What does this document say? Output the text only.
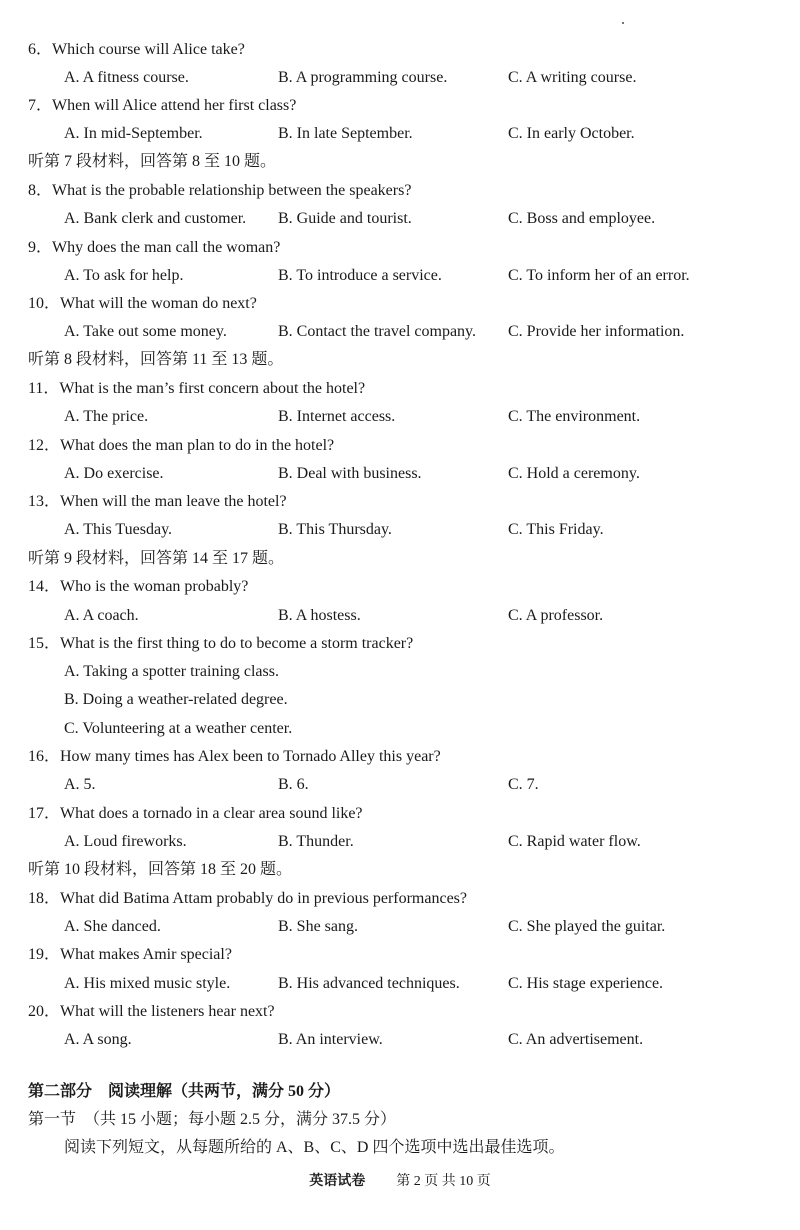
6．Which course will Alice take?
A. A fitness course.	B. A programming course.	C. A writing course.
7．When will Alice attend her first class?
A. In mid-September.	B. In late September.	C. In early October.
听第 7 段材料，回答第 8 至 10 题。
8．What is the probable relationship between the speakers?
A. Bank clerk and customer. B. Guide and tourist.	C. Boss and employee.
9．Why does the man call the woman?
A. To ask for help.	B. To introduce a service.	C. To inform her of an error.
10．What will the woman do next?
A. Take out some money.	B. Contact the travel company. C. Provide her information.
听第 8 段材料，回答第 11 至 13 题。
11．What is the man’s first concern about the hotel?
A. The price.	B. Internet access.	C. The environment.
12．What does the man plan to do in the hotel?
A. Do exercise.	B. Deal with business.	C. Hold a ceremony.
13．When will the man leave the hotel?
A. This Tuesday.	B. This Thursday.	C. This Friday.
听第 9 段材料，回答第 14 至 17 题。
14．Who is the woman probably?
A. A coach.	B. A hostess.	C. A professor.
15．What is the first thing to do to become a storm tracker?
A. Taking a spotter training class.
B. Doing a weather-related degree.
C. Volunteering at a weather center.
16．How many times has Alex been to Tornado Alley this year?
A. 5.	B. 6.	C. 7.
17．What does a tornado in a clear area sound like?
A. Loud fireworks.	B. Thunder.	C. Rapid water flow.
听第 10 段材料，回答第 18 至 20 题。
18．What did Batima Attam probably do in previous performances?
A. She danced.	B. She sang.	C. She played the guitar.
19．What makes Amir special?
A. His mixed music style.	B. His advanced techniques.	C. His stage experience.
20．What will the listeners hear next?
A. A song.	B. An interview.	C. An advertisement.
第二部分　阅读理解（共两节，满分 50 分）
第一节　（共 15 小题；每小题 2.5 分，满分 37.5 分）
阅读下列短文，从每题所给的 A、B、C、D 四个选项中选出最佳选项。
英语试卷 第 2 页 共 10 页
